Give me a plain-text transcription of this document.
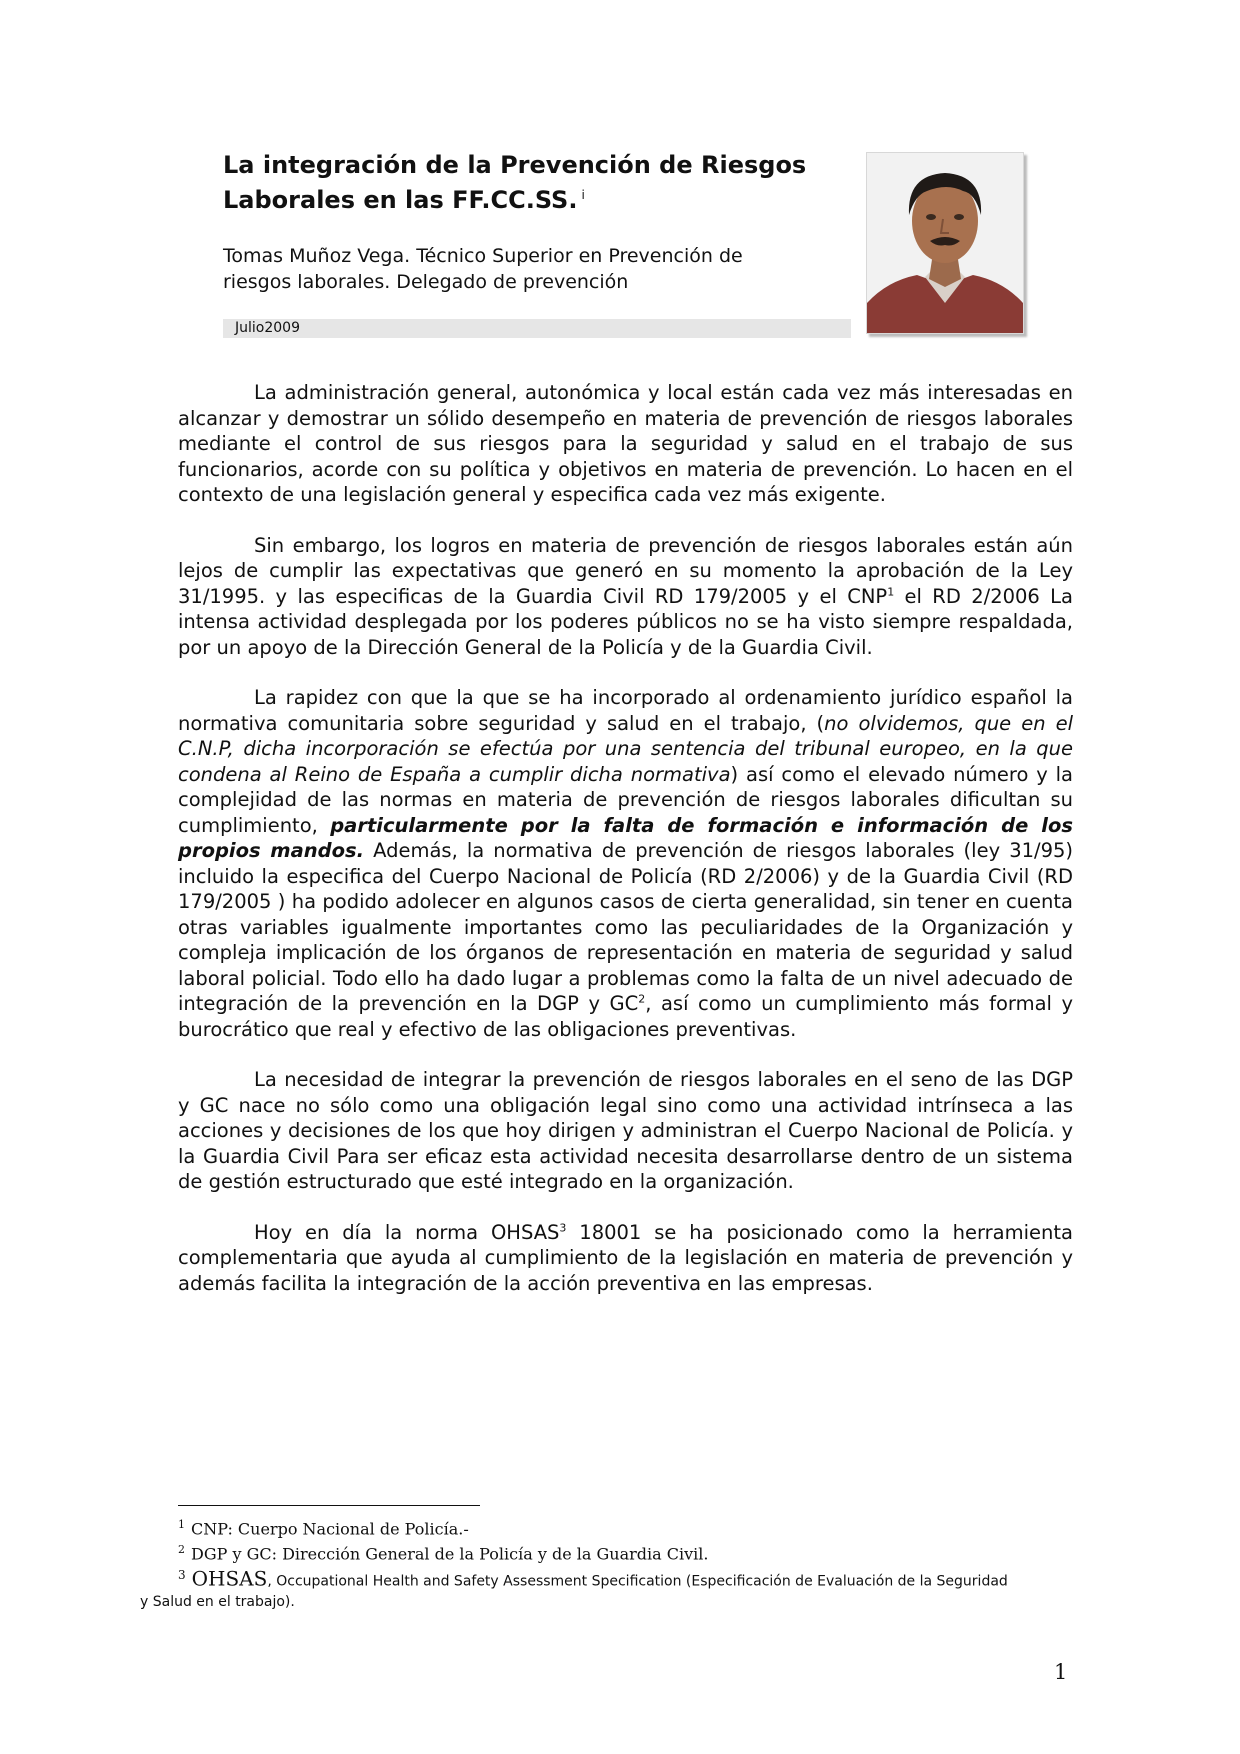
La integración de la Prevención de Riesgos Laborales en las FF.CC.SS. $^i$
Tomas Muñoz Vega. Técnico Superior en Prevención de
riesgos laborales. Delegado de prevención
Julio2009

La administración general, autonómica y local están cada vez más interesadas en alcanzar y demostrar un sólido desempeño en materia de prevención de riesgos laborales mediante el control de sus riesgos para la seguridad y salud en el trabajo de sus funcionarios, acorde con su política y objetivos en materia de prevención. Lo hacen en el contexto de una legislación general y especifica cada vez más exigente.

Sin embargo, los logros en materia de prevención de riesgos laborales están aún lejos de cumplir las expectativas que generó en su momento la aprobación de la Ley 31/1995. y las especificas de la Guardia Civil RD 179/2005 y el CNP$^1$ el RD 2/2006 La intensa actividad desplegada por los poderes públicos no se ha visto siempre respaldada, por un apoyo de la Dirección General de la Policía y de la Guardia Civil.

La rapidez con que la que se ha incorporado al ordenamiento jurídico español la normativa comunitaria sobre seguridad y salud en el trabajo, (no olvidemos, que en el C.N.P, dicha incorporación se efectúa por una sentencia del tribunal europeo, en la que condena al Reino de España a cumplir dicha normativa) así como el elevado número y la complejidad de las normas en materia de prevención de riesgos laborales dificultan su cumplimiento, particularmente por la falta de formación e información de los propios mandos. Además, la normativa de prevención de riesgos laborales (ley 31/95) incluido la especifica del Cuerpo Nacional de Policía (RD 2/2006) y de la Guardia Civil (RD 179/2005 ) ha podido adolecer en algunos casos de cierta generalidad, sin tener en cuenta otras variables igualmente importantes como las peculiaridades de la Organización y compleja implicación de los órganos de representación en materia de seguridad y salud laboral policial. Todo ello ha dado lugar a problemas como la falta de un nivel adecuado de integración de la prevención en la DGP y $GC^2$, así como un cumplimiento más formal y burocrático que real y efectivo de las obligaciones preventivas.

La necesidad de integrar la prevención de riesgos laborales en el seno de las DGP y GC nace no sólo como una obligación legal sino como una actividad intrínseca a las acciones y decisiones de los que hoy dirigen y administran el Cuerpo Nacional de Policía. y la Guardia Civil Para ser eficaz esta actividad necesita desarrollarse dentro de un sistema de gestión estructurado que esté integrado en la organización.

Hoy en día la norma OHSAS$^3$ 18001 se ha posicionado como la herramienta complementaria que ayuda al cumplimiento de la legislación en materia de prevención y además facilita la integración de la acción preventiva en las empresas.

$^1$ CNP: Cuerpo Nacional de Policía.-
$^2$ DGP y GC: Dirección General de la Policía y de la Guardia Civil.
$^3$ OHSAS, Occupational Health and Safety Assessment Specification (Especificación de Evaluación de la Seguridad
y Salud en el trabajo).
1
